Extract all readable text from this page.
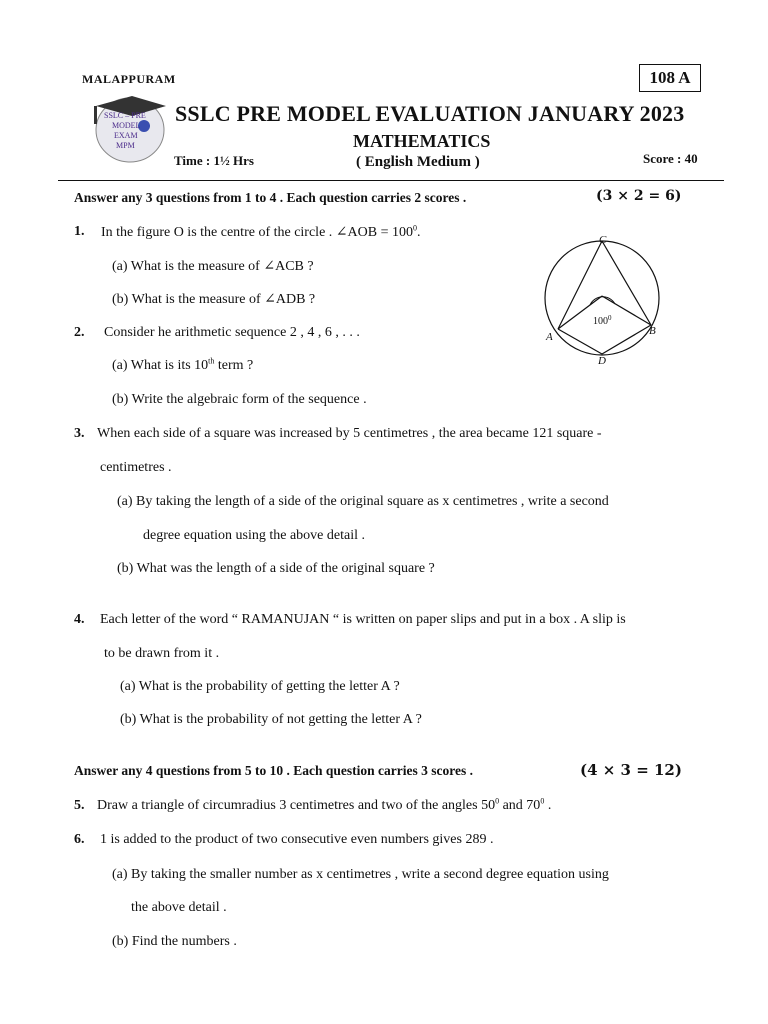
MALAPPURAM	108 A
SSLC – PRE
MODEL
EXAM
MPM
SSLC PRE MODEL EVALUATION JANUARY 2023
MATHEMATICS
( English Medium )
Time : 1½ Hrs	Score : 40
Answer any 3 questions from 1 to 4 . Each question carries 2 scores .	(3 × 2 = 6)
1. In the figure O is the centre of the circle . ∠AOB = $100^0$.
(a) What is the measure of ∠ACB ?
(b) What is the measure of ∠ADB ?
C
A	B
D
$100^0$
2. Consider he arithmetic sequence 2 , 4 , 6 , . . .
(a) What is its 10th term ?
(b) Write the algebraic form of the sequence .
3. When each side of a square was increased by 5 centimetres , the area became 121 square -
centimetres .
(a) By taking the length of a side of the original square as x centimetres , write a second
degree equation using the above detail .
(b) What was the length of a side of the original square ?
4. Each letter of the word “ RAMANUJAN “ is written on paper slips and put in a box . A slip is
to be drawn from it .
(a) What is the probability of getting the letter A ?
(b) What is the probability of not getting the letter A ?
Answer any 4 questions from 5 to 10 . Each question carries 3 scores .	(4 × 3 = 12)
5. Draw a triangle of circumradius 3 centimetres and two of the angles $50^0$ and $70^0$ .
6. 1 is added to the product of two consecutive even numbers gives 289 .
(a) By taking the smaller number as x centimetres , write a second degree equation using
the above detail .
(b) Find the numbers .
